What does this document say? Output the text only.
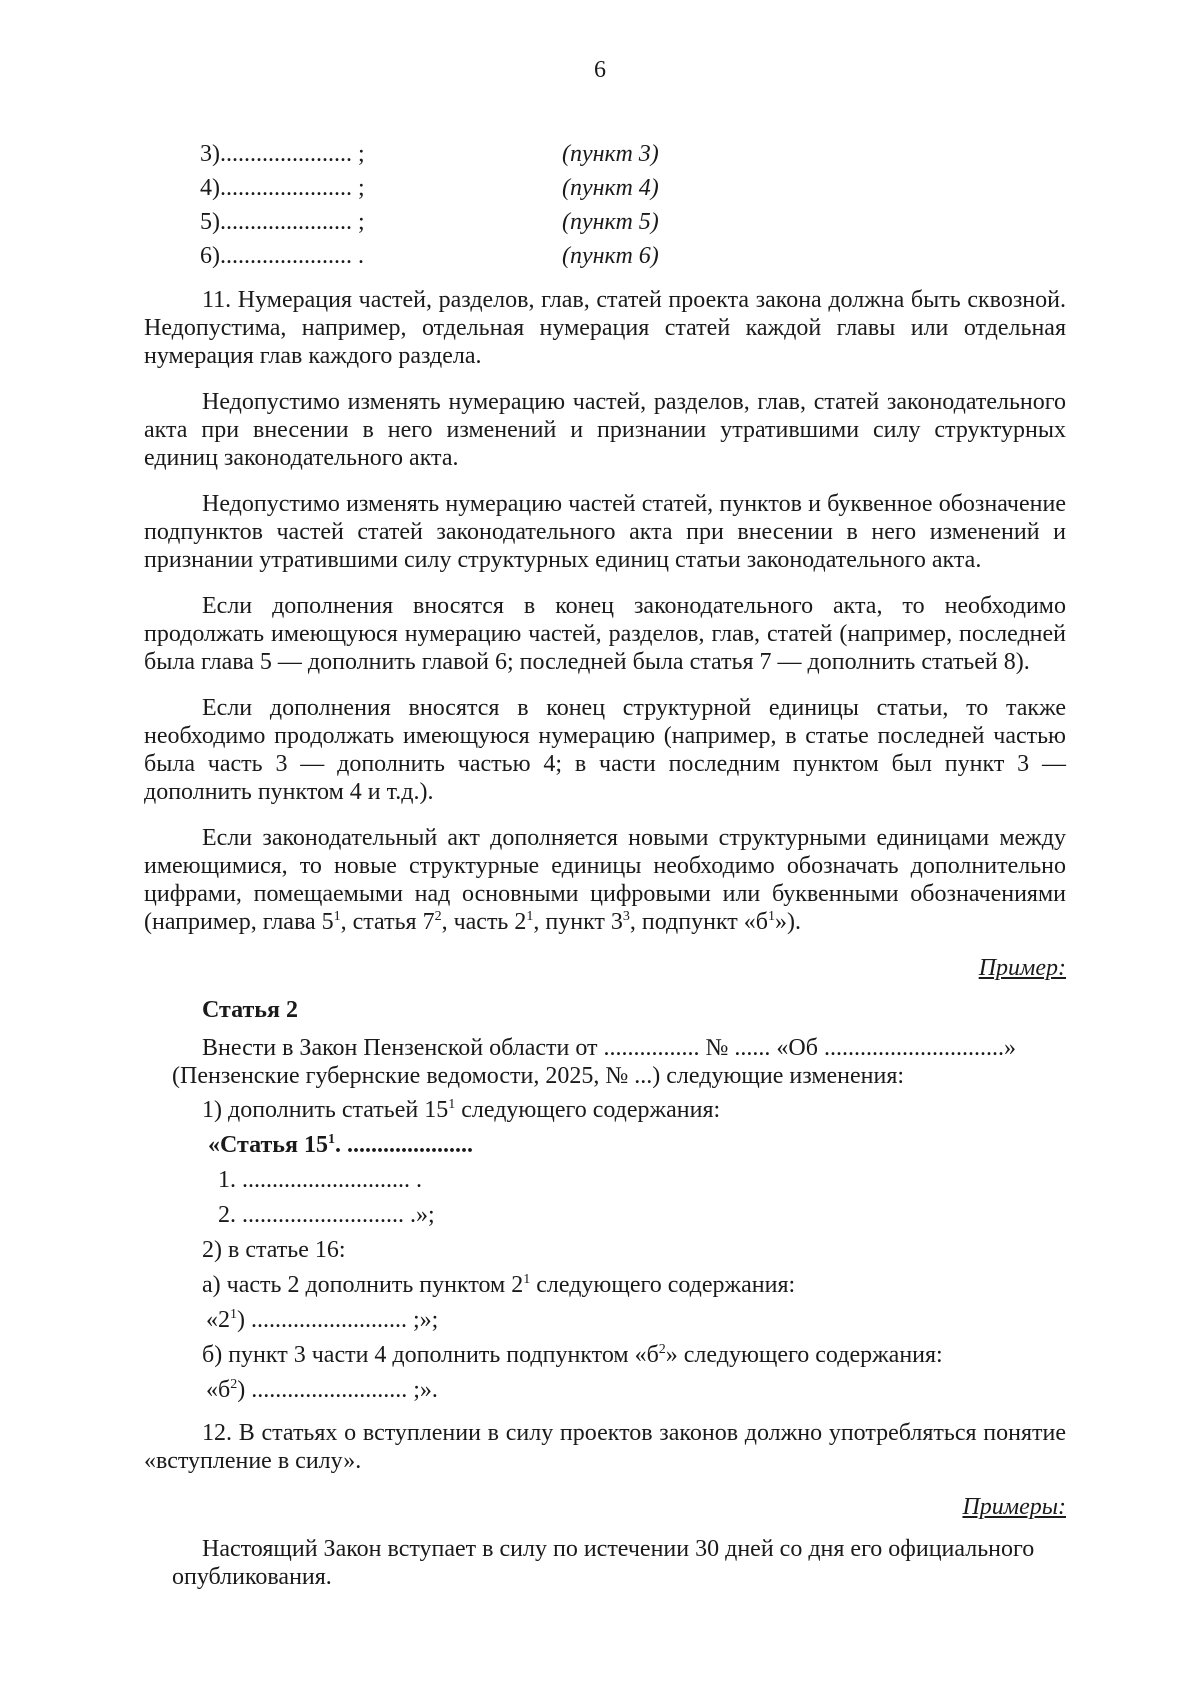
6
3)...................... ;	(пункт 3)
4)...................... ;	(пункт 4)
5)...................... ;	(пункт 5)
6)...................... .	(пункт 6)

11. Нумерация частей, разделов, глав, статей проекта закона должна быть сквозной. Недопустима, например, отдельная нумерация статей каждой главы или отдельная нумерация глав каждого раздела.

Недопустимо изменять нумерацию частей, разделов, глав, статей законодательного акта при внесении в него изменений и признании утратившими силу структурных единиц законодательного акта.

Недопустимо изменять нумерацию частей статей, пунктов и буквенное обозначение подпунктов частей статей законодательного акта при внесении в него изменений и признании утратившими силу структурных единиц статьи законодательного акта.

Если дополнения вносятся в конец законодательного акта, то необходимо продолжать имеющуюся нумерацию частей, разделов, глав, статей (например, последней была глава 5 — дополнить главой 6; последней была статья 7 — дополнить статьей 8).

Если дополнения вносятся в конец структурной единицы статьи, то также необходимо продолжать имеющуюся нумерацию (например, в статье последней частью была часть 3 — дополнить частью 4; в части последним пунктом был пункт 3 — дополнить пунктом 4 и т.д.).

Если законодательный акт дополняется новыми структурными единицами между имеющимися, то новые структурные единицы необходимо обозначать дополнительно цифрами, помещаемыми над основными цифровыми или буквенными обозначениями (например, глава $5^1$, статья $7^2$, часть $2^1$, пункт $3^3$, подпункт «$б^1$»).

Пример:
Статья 2
Внести в Закон Пензенской области от ................ № ...... «Об ..............................»
(Пензенские губернские ведомости, 2025, № ...) следующие изменения:
1) дополнить статьей $15^1$ следующего содержания:
«Статья $15^1$. .....................
1. ............................ .
2. ........................... .»;
2) в статье 16:
а) часть 2 дополнить пунктом $2^1$ следующего содержания:
«$2^1$) .......................... ;»;
б) пункт 3 части 4 дополнить подпунктом «$б^2$» следующего содержания:
«$б^2$) .......................... ;».

12. В статьях о вступлении в силу проектов законов должно употребляться понятие «вступление в силу».

Примеры:
Настоящий Закон вступает в силу по истечении 30 дней со дня его официального
опубликования.
